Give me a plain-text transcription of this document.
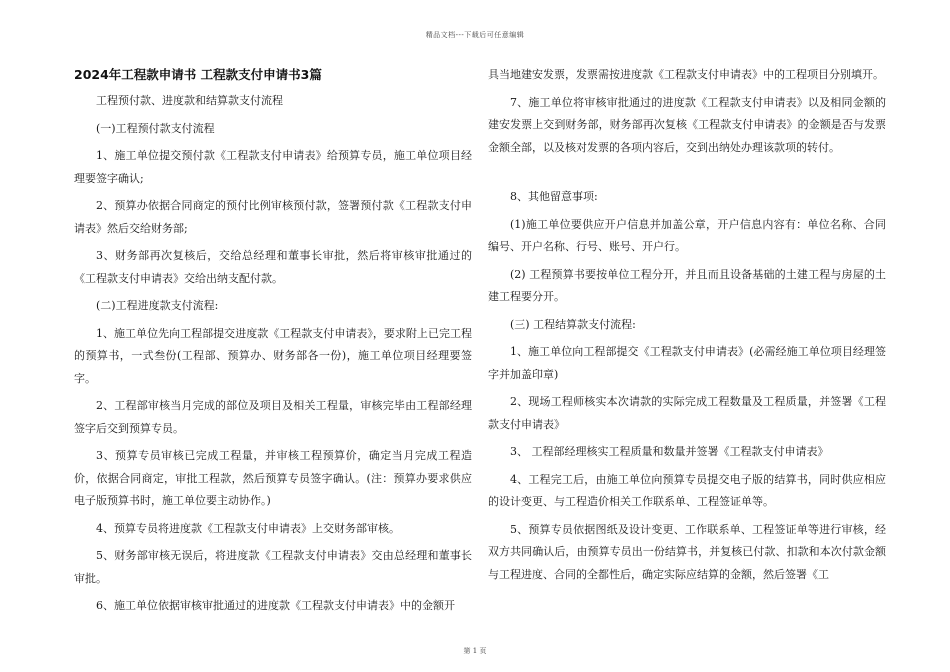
精品文档---下载后可任意编辑
2024年工程款申请书 工程款支付申请书3篇

工程预付款、进度款和结算款支付流程

(一)工程预付款支付流程

1、施工单位提交预付款《工程款支付申请表》给预算专员，施工单位项目经理要签字确认;

2、预算办依据合同商定的预付比例审核预付款，签署预付款《工程款支付申请表》然后交给财务部;

3、财务部再次复核后，交给总经理和董事长审批，然后将审核审批通过的《工程款支付申请表》交给出纳支配付款。

(二)工程进度款支付流程:

1、施工单位先向工程部提交进度款《工程款支付申请表》，要求附上已完工程的预算书，一式叁份(工程部、预算办、财务部各一份)，施工单位项目经理要签字。

2、工程部审核当月完成的部位及项目及相关工程量，审核完毕由工程部经理签字后交到预算专员。

3、预算专员审核已完成工程量，并审核工程预算价，确定当月完成工程造价，依据合同商定，审批工程款，然后预算专员签字确认。(注：预算办要求供应电子版预算书时，施工单位要主动协作。)

4、预算专员将进度款《工程款支付申请表》上交财务部审核。

5、财务部审核无误后，将进度款《工程款支付申请表》交由总经理和董事长审批。

6、施工单位依据审核审批通过的进度款《工程款支付申请表》中的金额开

具当地建安发票，发票需按进度款《工程款支付申请表》中的工程项目分别填开。

7、施工单位将审核审批通过的进度款《工程款支付申请表》以及相同金额的建安发票上交到财务部，财务部再次复核《工程款支付申请表》的金额是否与发票金额全部，以及核对发票的各项内容后，交到出纳处办理该款项的转付。

8、其他留意事项:

(1)施工单位要供应开户信息并加盖公章，开户信息内容有：单位名称、合同编号、开户名称、行号、账号、开户行。

(2) 工程预算书要按单位工程分开，并且而且设备基础的土建工程与房屋的土建工程要分开。

(三) 工程结算款支付流程:

1、施工单位向工程部提交《工程款支付申请表》(必需经施工单位项目经理签字并加盖印章)

2、现场工程师核实本次请款的实际完成工程数量及工程质量，并签署《工程款支付申请表》

3、 工程部经理核实工程质量和数量并签署《工程款支付申请表》

4、工程完工后，由施工单位向预算专员提交电子版的结算书，同时供应相应的设计变更、与工程造价相关工作联系单、工程签证单等。

5、预算专员依据图纸及设计变更、工作联系单、工程签证单等进行审核，经双方共同确认后，由预算专员出一份结算书，并复核已付款、扣款和本次付款金额与工程进度、合同的全都性后，确定实际应结算的金额，然后签署《工

第 1 页
